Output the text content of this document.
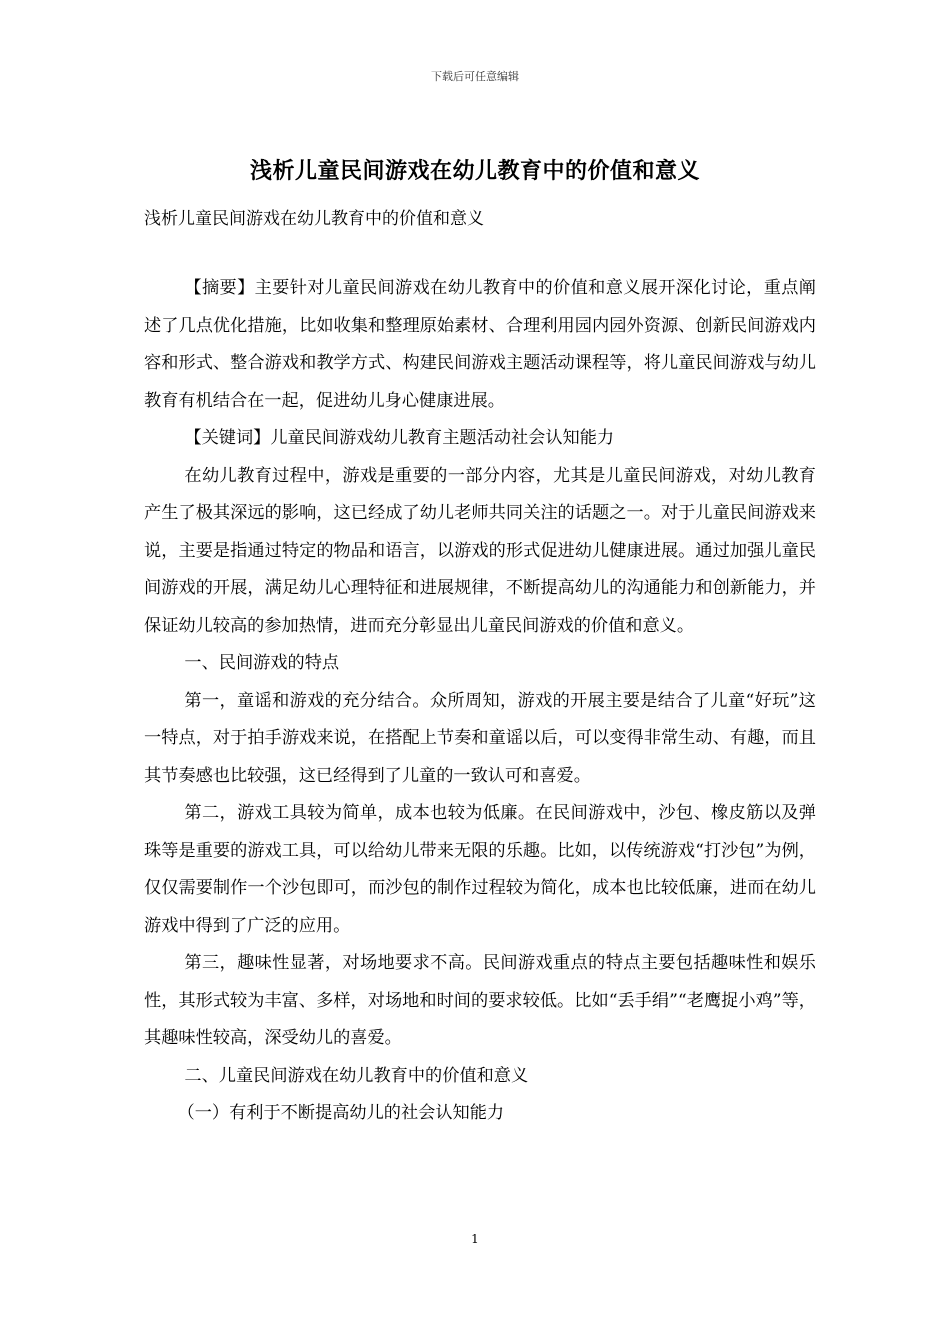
下载后可任意编辑
浅析儿童民间游戏在幼儿教育中的价值和意义
浅析儿童民间游戏在幼儿教育中的价值和意义

【摘要】主要针对儿童民间游戏在幼儿教育中的价值和意义展开深化讨论，重点阐述了几点优化措施，比如收集和整理原始素材、合理利用园内园外资源、创新民间游戏内容和形式、整合游戏和教学方式、构建民间游戏主题活动课程等，将儿童民间游戏与幼儿教育有机结合在一起，促进幼儿身心健康进展。

【关键词】儿童民间游戏幼儿教育主题活动社会认知能力

在幼儿教育过程中，游戏是重要的一部分内容，尤其是儿童民间游戏，对幼儿教育产生了极其深远的影响，这已经成了幼儿老师共同关注的话题之一。对于儿童民间游戏来说，主要是指通过特定的物品和语言，以游戏的形式促进幼儿健康进展。通过加强儿童民间游戏的开展，满足幼儿心理特征和进展规律，不断提高幼儿的沟通能力和创新能力，并保证幼儿较高的参加热情，进而充分彰显出儿童民间游戏的价值和意义。

一、民间游戏的特点

第一，童谣和游戏的充分结合。众所周知，游戏的开展主要是结合了儿童“好玩”这一特点，对于拍手游戏来说，在搭配上节奏和童谣以后，可以变得非常生动、有趣，而且其节奏感也比较强，这已经得到了儿童的一致认可和喜爱。

第二，游戏工具较为简单，成本也较为低廉。在民间游戏中，沙包、橡皮筋以及弹珠等是重要的游戏工具，可以给幼儿带来无限的乐趣。比如，以传统游戏“打沙包”为例，仅仅需要制作一个沙包即可，而沙包的制作过程较为简化，成本也比较低廉，进而在幼儿游戏中得到了广泛的应用。

第三，趣味性显著，对场地要求不高。民间游戏重点的特点主要包括趣味性和娱乐性，其形式较为丰富、多样，对场地和时间的要求较低。比如“丢手绢”“老鹰捉小鸡”等，其趣味性较高，深受幼儿的喜爱。

二、儿童民间游戏在幼儿教育中的价值和意义

（一）有利于不断提高幼儿的社会认知能力

1
